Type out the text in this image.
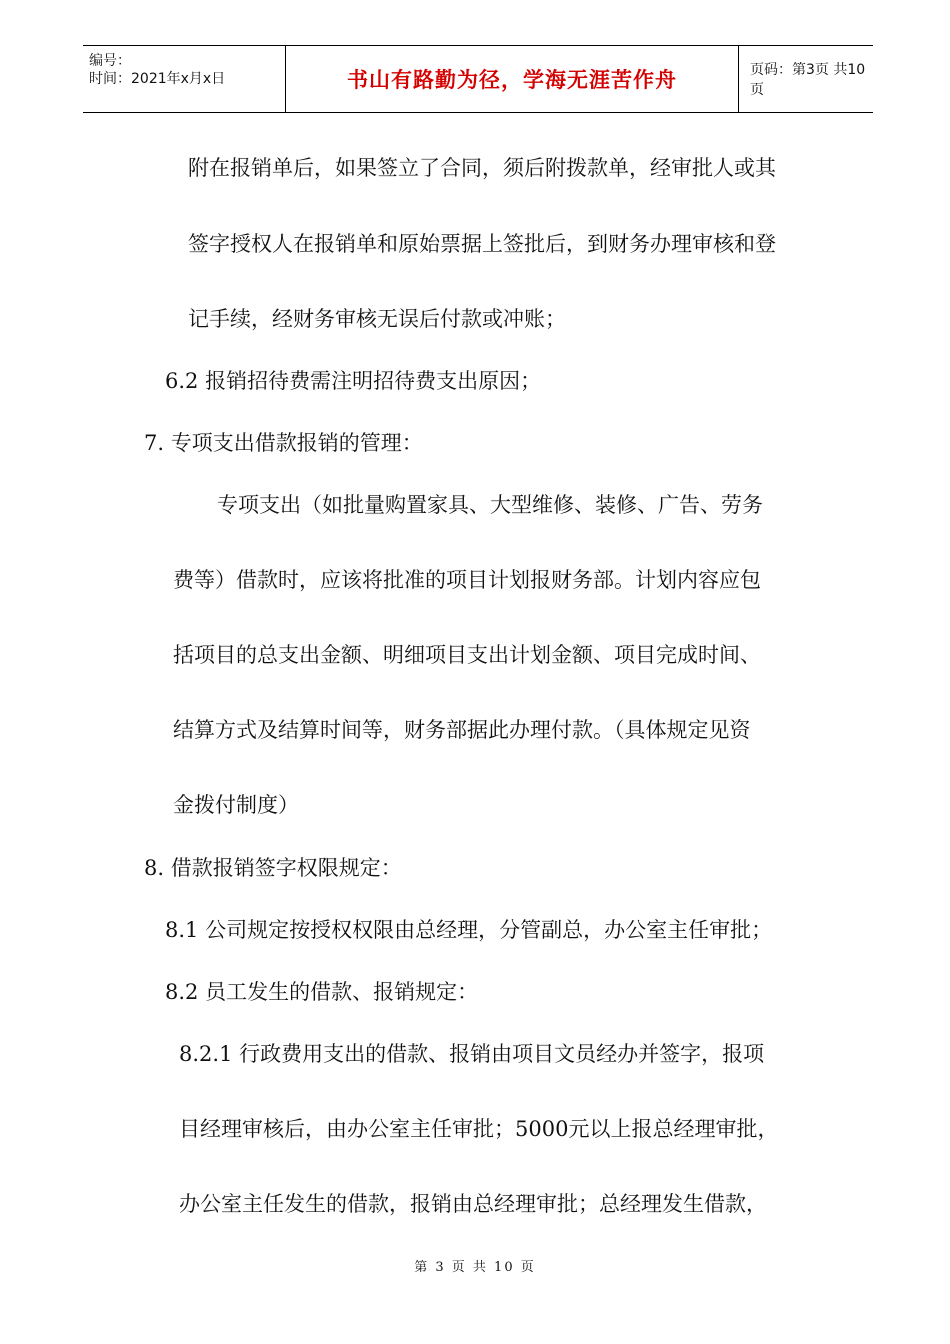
编号：
时间：2021年x月x日	书山有路勤为径，学海无涯苦作舟	页码：第3页 共10页
附在报销单后，如果签立了合同，须后附拨款单，经审批人或其
签字授权人在报销单和原始票据上签批后，到财务办理审核和登
记手续，经财务审核无误后付款或冲账；
6.2 报销招待费需注明招待费支出原因；
7. 专项支出借款报销的管理：
专项支出（如批量购置家具、大型维修、装修、广告、劳务
费等）借款时，应该将批准的项目计划报财务部。计划内容应包
括项目的总支出金额、明细项目支出计划金额、项目完成时间、
结算方式及结算时间等，财务部据此办理付款。（具体规定见资
金拨付制度）
8. 借款报销签字权限规定：
8.1 公司规定按授权权限由总经理，分管副总，办公室主任审批；
8.2 员工发生的借款、报销规定：
8.2.1 行政费用支出的借款、报销由项目文员经办并签字，报项
目经理审核后，由办公室主任审批；5000元以上报总经理审批，
办公室主任发生的借款，报销由总经理审批；总经理发生借款，
第 3 页 共 10 页
